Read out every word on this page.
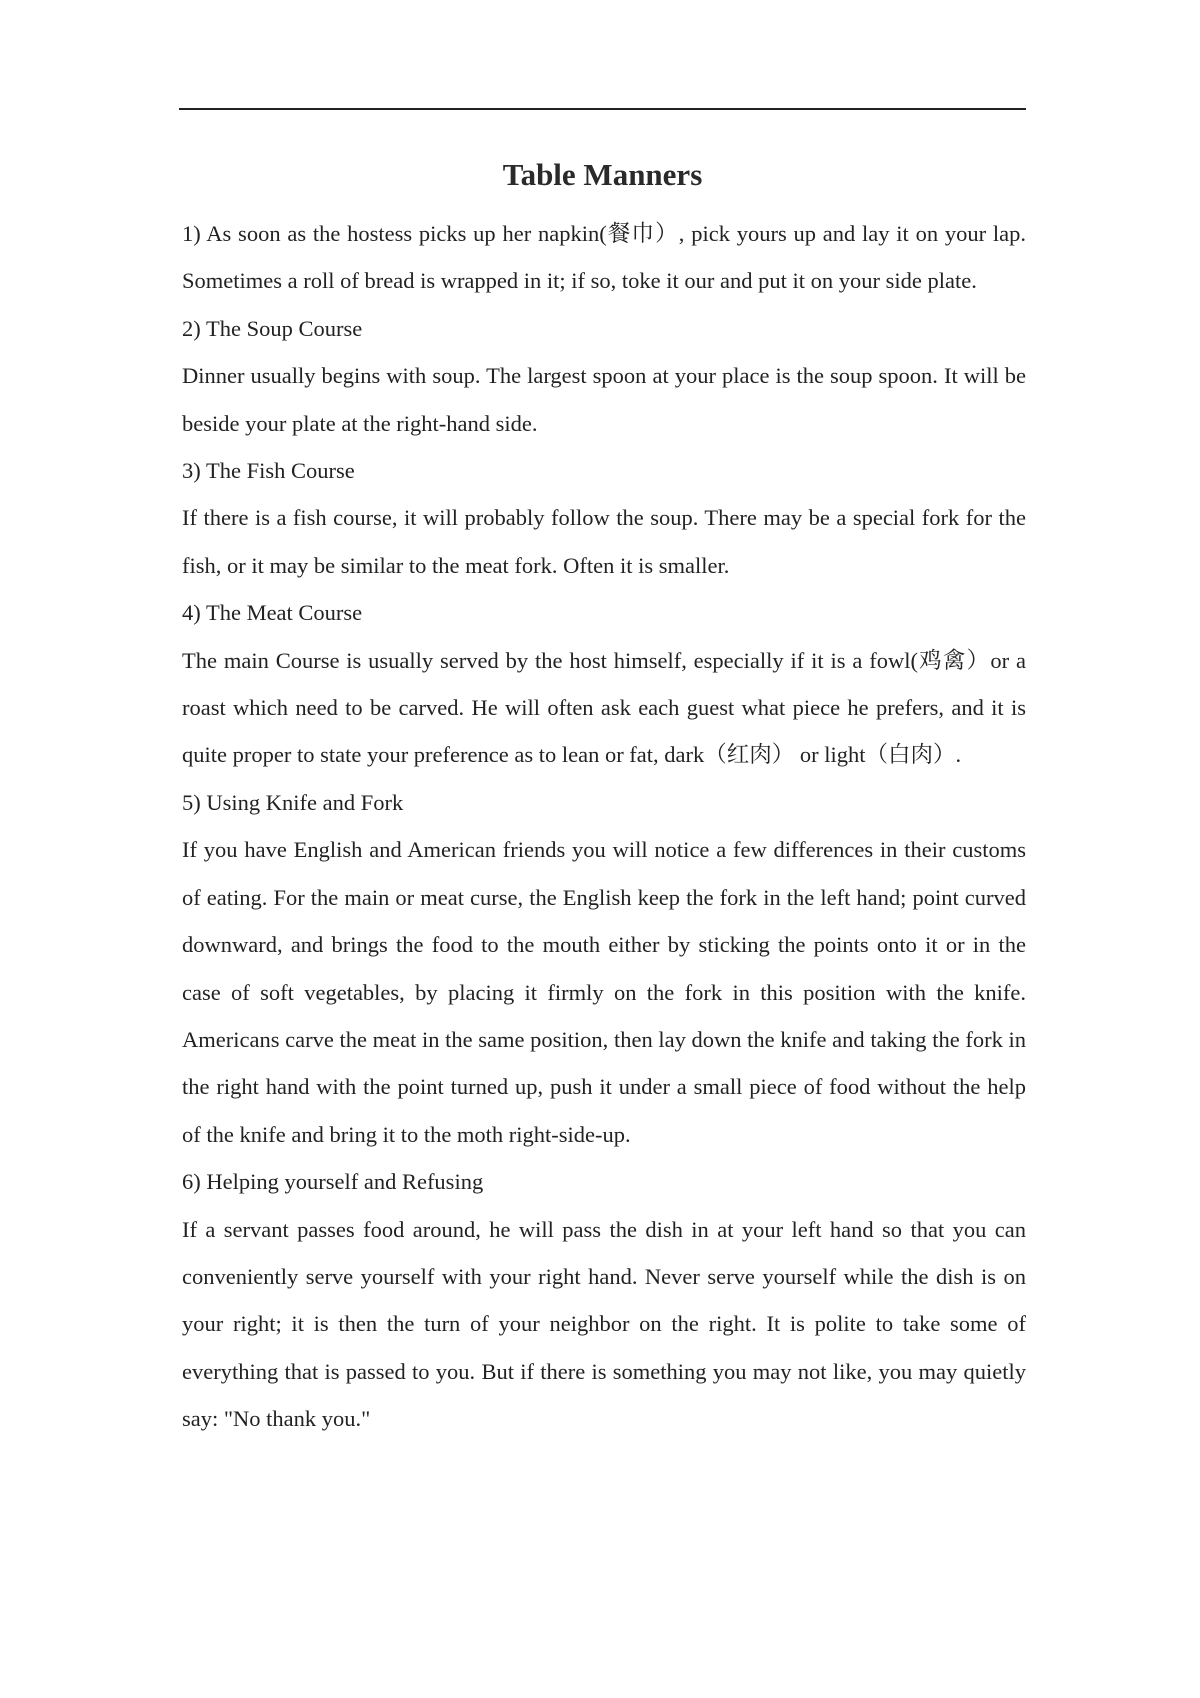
Table Manners

1) As soon as the hostess picks up her napkin(餐巾）, pick yours up and lay it on your lap. Sometimes a roll of bread is wrapped in it; if so, toke it our and put it on your side plate.

2) The Soup Course

Dinner usually begins with soup. The largest spoon at your place is the soup spoon. It will be beside your plate at the right-hand side.

3) The Fish Course

If there is a fish course, it will probably follow the soup. There may be a special fork for the fish, or it may be similar to the meat fork. Often it is smaller.

4) The Meat Course

The main Course is usually served by the host himself, especially if it is a fowl(鸡禽）or a roast which need to be carved. He will often ask each guest what piece he prefers, and it is quite proper to state your preference as to lean or fat, dark（红肉） or light（白肉）.

5) Using Knife and Fork

If you have English and American friends you will notice a few differences in their customs of eating. For the main or meat curse, the English keep the fork in the left hand; point curved downward, and brings the food to the mouth either by sticking the points onto it or in the case of soft vegetables, by placing it firmly on the fork in this position with the knife. Americans carve the meat in the same position, then lay down the knife and taking the fork in the right hand with the point turned up, push it under a small piece of food without the help of the knife and bring it to the moth right-side-up.

6) Helping yourself and Refusing

If a servant passes food around, he will pass the dish in at your left hand so that you can conveniently serve yourself with your right hand. Never serve yourself while the dish is on your right; it is then the turn of your neighbor on the right. It is polite to take some of everything that is passed to you. But if there is something you may not like, you may quietly say: "No thank you."
